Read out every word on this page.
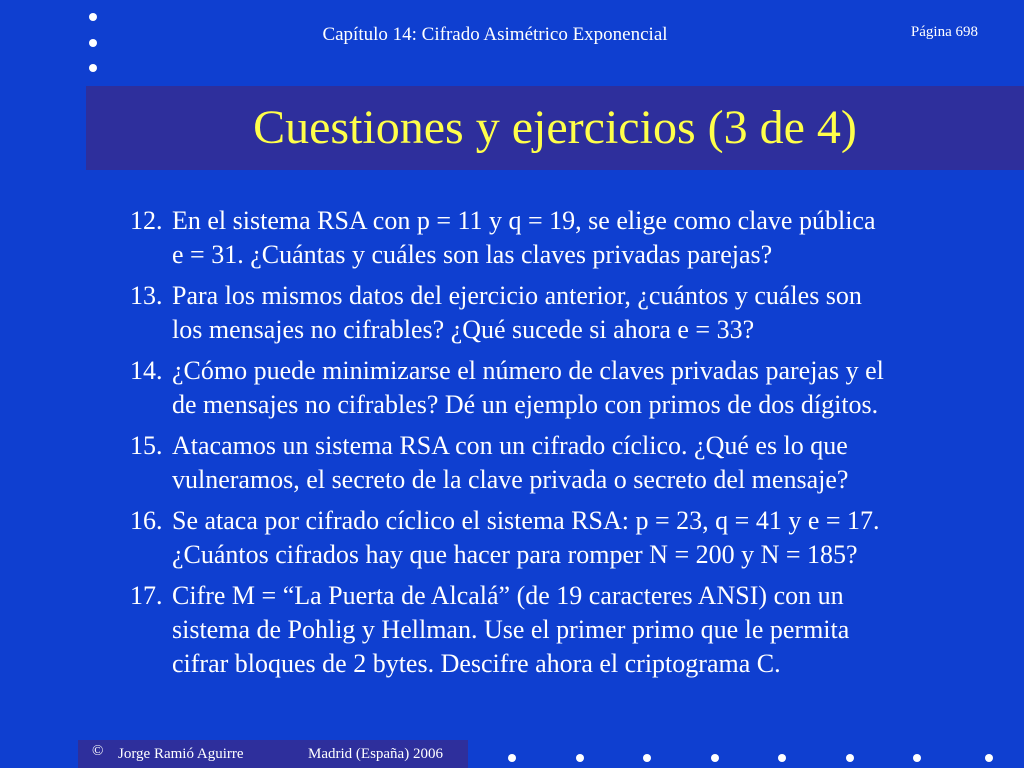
Capítulo 14: Cifrado Asimétrico Exponencial	Página 698
Cuestiones y ejercicios (3 de 4)
12. En el sistema RSA con p = 11 y q = 19, se elige como clave pública
e = 31. ¿Cuántas y cuáles son las claves privadas parejas?
13. Para los mismos datos del ejercicio anterior, ¿cuántos y cuáles son
los mensajes no cifrables? ¿Qué sucede si ahora e = 33?
14. ¿Cómo puede minimizarse el número de claves privadas parejas y el
de mensajes no cifrables? Dé un ejemplo con primos de dos dígitos.
15. Atacamos un sistema RSA con un cifrado cíclico. ¿Qué es lo que
vulneramos, el secreto de la clave privada o secreto del mensaje?
16. Se ataca por cifrado cíclico el sistema RSA: p = 23, q = 41 y e = 17.
¿Cuántos cifrados hay que hacer para romper N = 200 y N = 185?
17. Cifre M = “La Puerta de Alcalá” (de 19 caracteres ANSI) con un
sistema de Pohlig y Hellman. Use el primer primo que le permita
cifrar bloques de 2 bytes. Descifre ahora el criptograma C.
© Jorge Ramió Aguirre	Madrid (España) 2006
